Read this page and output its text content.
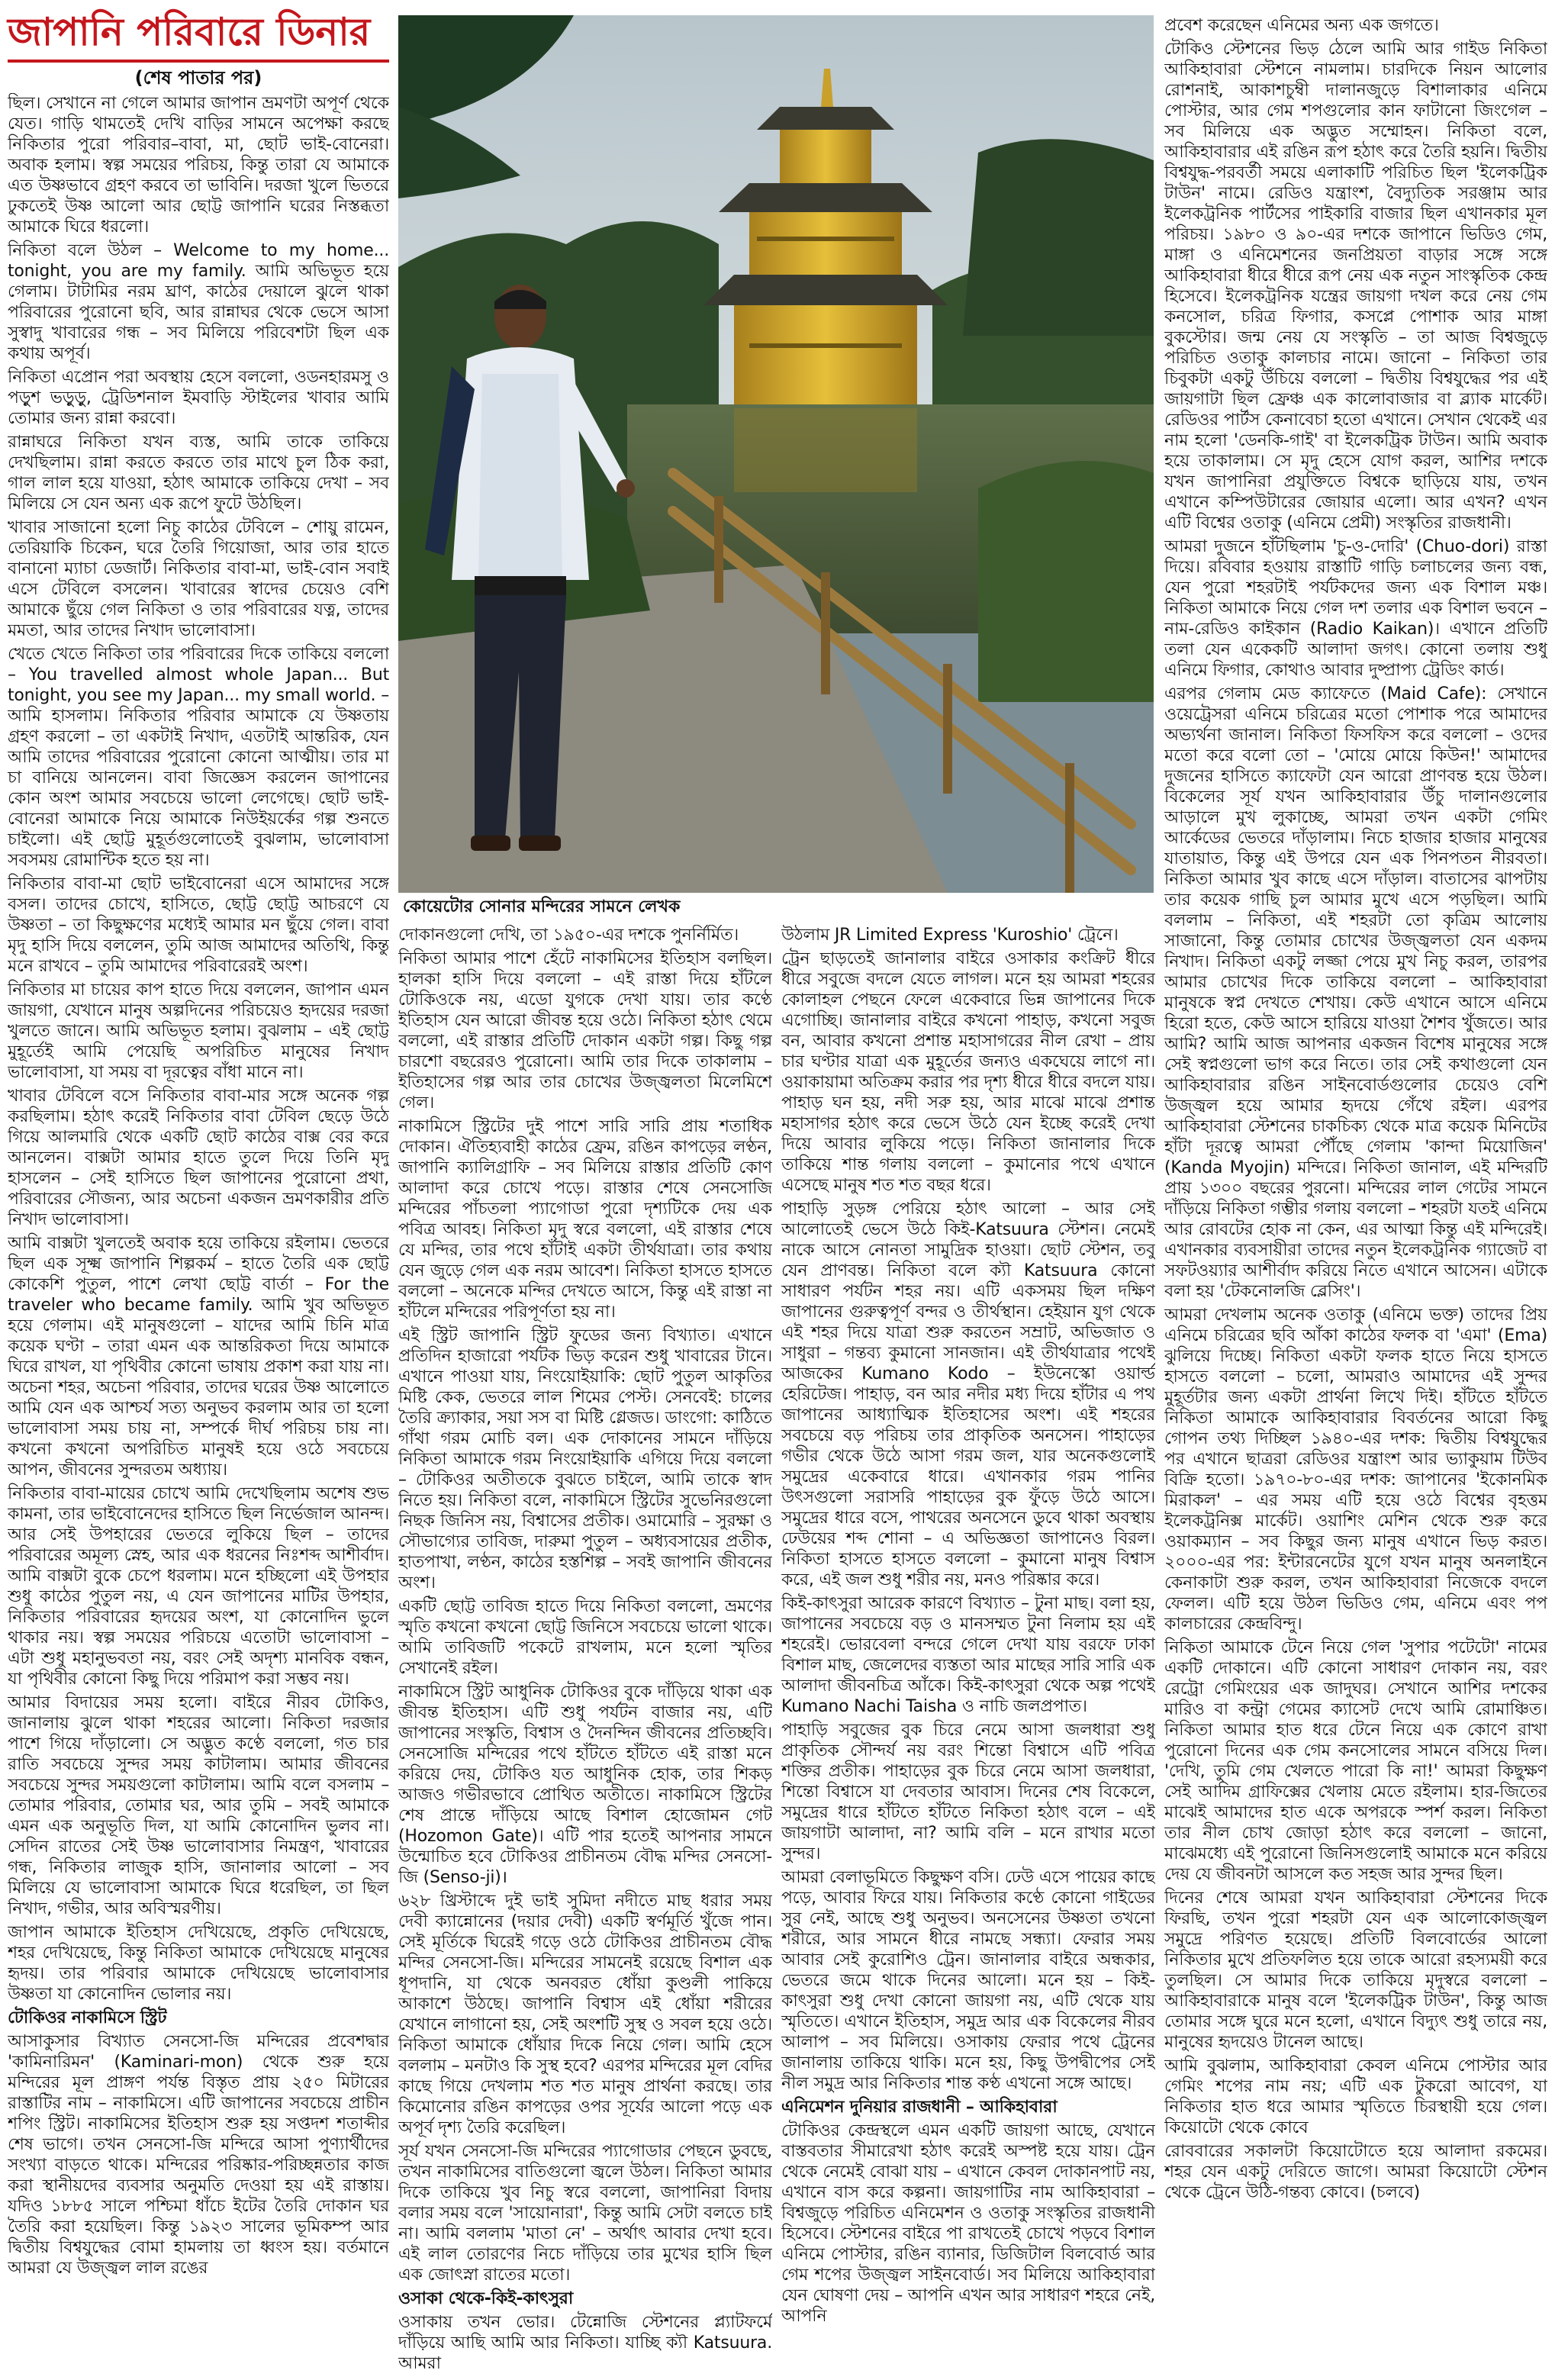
জাপানি পরিবারে ডিনার
(শেষ পাতার পর)

ছিল। সেখানে না গেলে আমার জাপান ভ্রমণটা অপূর্ণ থেকে যেত। গাড়ি থামতেই দেখি বাড়ির সামনে অপেক্ষা করছে নিকিতার পুরো পরিবার–বাবা, মা, ছোট ভাই-বোনেরা। অবাক হলাম। স্বল্প সময়ের পরিচয়, কিন্তু তারা যে আমাকে এত উষ্ণভাবে গ্রহণ করবে তা ভাবিনি। দরজা খুলে ভিতরে ঢুকতেই উষ্ণ আলো আর ছোট্ট জাপানি ঘরের নিস্তব্ধতা আমাকে ঘিরে ধরলো।

নিকিতা বলে উঠল – Welcome to my home... tonight, you are my family. আমি অভিভূত হয়ে গেলাম। টাটামির নরম ঘ্রাণ, কাঠের দেয়ালে ঝুলে থাকা পরিবারের পুরোনো ছবি, আর রান্নাঘর থেকে ভেসে আসা সুস্বাদু খাবারের গন্ধ – সব মিলিয়ে পরিবেশটা ছিল এক কথায় অপূর্ব।

নিকিতা এপ্রোন পরা অবস্থায় হেসে বললো, ওডনহারমসু ও পড়ুশ ভড়ুড়ু, ট্রেডিশনাল ইমবাড়ি স্টাইলের খাবার আমি তোমার জন্য রান্না করবো।

রান্নাঘরে নিকিতা যখন ব্যস্ত, আমি তাকে তাকিয়ে দেখছিলাম। রান্না করতে করতে তার মাথে চুল ঠিক করা, গাল লাল হয়ে যাওয়া, হঠাৎ আমাকে তাকিয়ে দেখা – সব মিলিয়ে সে যেন অন্য এক রূপে ফুটে উঠছিল।

খাবার সাজানো হলো নিচু কাঠের টেবিলে – শোয়ু রামেন, তেরিয়াকি চিকেন, ঘরে তৈরি গিয়োজা, আর তার হাতে বানানো ম্যাচা ডেজার্ট। নিকিতার বাবা-মা, ভাই-বোন সবাই এসে টেবিলে বসলেন। খাবারের স্বাদের চেয়েও বেশি আমাকে ছুঁয়ে গেল নিকিতা ও তার পরিবারের যত্ন, তাদের মমতা, আর তাদের নিখাদ ভালোবাসা।

খেতে খেতে নিকিতা তার পরিবারের দিকে তাকিয়ে বললো – You travelled almost whole Japan... But tonight, you see my Japan... my small world. – আমি হাসলাম। নিকিতার পরিবার আমাকে যে উষ্ণতায় গ্রহণ করলো – তা একটাই নিখাদ, এতটাই আন্তরিক, যেন আমি তাদের পরিবারের পুরোনো কোনো আত্মীয়। তার মা চা বানিয়ে আনলেন। বাবা জিজ্ঞেস করলেন জাপানের কোন অংশ আমার সবচেয়ে ভালো লেগেছে। ছোট ভাই-বোনেরা আমাকে নিয়ে আমাকে নিউইয়র্কের গল্প শুনতে চাইলো। এই ছোট্ট মুহূর্তগুলোতেই বুঝলাম, ভালোবাসা সবসময় রোমান্টিক হতে হয় না।

নিকিতার বাবা-মা ছোট ভাইবোনেরা এসে আমাদের সঙ্গে বসল। তাদের চোখে, হাসিতে, ছোট্ট ছোট্ট আচরণে যে উষ্ণতা – তা কিছুক্ষণের মধ্যেই আমার মন ছুঁয়ে গেল। বাবা মৃদু হাসি দিয়ে বললেন, তুমি আজ আমাদের অতিথি, কিন্তু মনে রাখবে – তুমি আমাদের পরিবারেরই অংশ।

নিকিতার মা চায়ের কাপ হাতে দিয়ে বললেন, জাপান এমন জায়গা, যেখানে মানুষ অল্পদিনের পরিচয়েও হৃদয়ের দরজা খুলতে জানে। আমি অভিভূত হলাম। বুঝলাম – এই ছোট্ট মুহূর্তেই আমি পেয়েছি অপরিচিত মানুষের নিখাদ ভালোবাসা, যা সময় বা দূরত্বের বাঁধা মানে না।

খাবার টেবিলে বসে নিকিতার বাবা-মার সঙ্গে অনেক গল্প করছিলাম। হঠাৎ করেই নিকিতার বাবা টেবিল ছেড়ে উঠে গিয়ে আলমারি থেকে একটি ছোট কাঠের বাক্স বের করে আনলেন। বাক্সটা আমার হাতে তুলে দিয়ে তিনি মৃদু হাসলেন – সেই হাসিতে ছিল জাপানের পুরোনো প্রথা, পরিবারের সৌজন্য, আর অচেনা একজন ভ্রমণকারীর প্রতি নিখাদ ভালোবাসা।

আমি বাক্সটা খুলতেই অবাক হয়ে তাকিয়ে রইলাম। ভেতরে ছিল এক সূক্ষ্ম জাপানি শিল্পকর্ম – হাতে তৈরি এক ছোট্ট কোকেশি পুতুল, পাশে লেখা ছোট্ট বার্তা – For the traveler who became family. আমি খুব অভিভূত হয়ে গেলাম। এই মানুষগুলো – যাদের আমি চিনি মাত্র কয়েক ঘণ্টা – তারা এমন এক আন্তরিকতা দিয়ে আমাকে ঘিরে রাখল, যা পৃথিবীর কোনো ভাষায় প্রকাশ করা যায় না। অচেনা শহর, অচেনা পরিবার, তাদের ঘরের উষ্ণ আলোতে আমি যেন এক আশ্চর্য সত্য অনুভব করলাম আর তা হলো ভালোবাসা সময় চায় না, সম্পর্কে দীর্ঘ পরিচয় চায় না। কখনো কখনো অপরিচিত মানুষই হয়ে ওঠে সবচেয়ে আপন, জীবনের সুন্দরতম অধ্যায়।

নিকিতার বাবা-মায়ের চোখে আমি দেখেছিলাম অশেষ শুভ কামনা, তার ভাইবোনেদের হাসিতে ছিল নির্ভেজাল আনন্দ। আর সেই উপহারের ভেতরে লুকিয়ে ছিল – তাদের পরিবারের অমূল্য স্নেহ, আর এক ধরনের নিঃশব্দ আশীর্বাদ। আমি বাক্সটা বুকে চেপে ধরলাম। মনে হচ্ছিলো এই উপহার শুধু কাঠের পুতুল নয়, এ যেন জাপানের মাটির উপহার, নিকিতার পরিবারের হৃদয়ের অংশ, যা কোনোদিন ভুলে থাকার নয়। স্বল্প সময়ের পরিচয়ে এতোটা ভালোবাসা – এটা শুধু মহানুভবতা নয়, বরং সেই অদৃশ্য মানবিক বন্ধন, যা পৃথিবীর কোনো কিছু দিয়ে পরিমাপ করা সম্ভব নয়।

আমার বিদায়ের সময় হলো। বাইরে নীরব টোকিও, জানালায় ঝুলে থাকা শহরের আলো। নিকিতা দরজার পাশে গিয়ে দাঁড়ালো। সে অদ্ভুত কণ্ঠে বললো, গত চার রাতি সবচেয়ে সুন্দর সময় কাটালাম। আমার জীবনের সবচেয়ে সুন্দর সময়গুলো কাটালাম। আমি বলে বসলাম – তোমার পরিবার, তোমার ঘর, আর তুমি – সবই আমাকে এমন এক অনুভূতি দিল, যা আমি কোনোদিন ভুলব না। সেদিন রাতের সেই উষ্ণ ভালোবাসার নিমন্ত্রণ, খাবারের গন্ধ, নিকিতার লাজুক হাসি, জানালার আলো – সব মিলিয়ে যে ভালোবাসা আমাকে ঘিরে ধরেছিল, তা ছিল নিখাদ, গভীর, আর অবিস্মরণীয়।

জাপান আমাকে ইতিহাস দেখিয়েছে, প্রকৃতি দেখিয়েছে, শহর দেখিয়েছে, কিন্তু নিকিতা আমাকে দেখিয়েছে মানুষের হৃদয়। তার পরিবার আমাকে দেখিয়েছে ভালোবাসার উষ্ণতা যা কোনোদিন ভোলার নয়।

টোকিওর নাকামিসে স্ট্রিট

আসাকুসার বিখ্যাত সেনসো-জি মন্দিরের প্রবেশদ্বার 'কামিনারিমন' (Kaminari-mon) থেকে শুরু হয়ে মন্দিরের মূল প্রাঙ্গণ পর্যন্ত বিস্তৃত প্রায় ২৫০ মিটারের রাস্তাটির নাম – নাকামিসে। এটি জাপানের সবচেয়ে প্রাচীন শপিং স্ট্রিট। নাকামিসের ইতিহাস শুরু হয় সপ্তদশ শতাব্দীর শেষ ভাগে। তখন সেনসো-জি মন্দিরে আসা পুণ্যার্থীদের সংখ্যা বাড়তে থাকে। মন্দিরের পরিষ্কার-পরিচ্ছন্নতার কাজ করা স্থানীয়দের ব্যবসার অনুমতি দেওয়া হয় এই রাস্তায়। যদিও ১৮৮৫ সালে পশ্চিমা ধাঁচে ইটের তৈরি দোকান ঘর তৈরি করা হয়েছিল। কিন্তু ১৯২৩ সালের ভূমিকম্প আর দ্বিতীয় বিশ্বযুদ্ধের বোমা হামলায় তা ধ্বংস হয়। বর্তমানে আমরা যে উজ্জ্বল লাল রঙের

কোয়েটোর সোনার মন্দিরের সামনে লেখক

দোকানগুলো দেখি, তা ১৯৫০-এর দশকে পুনর্নির্মিত।

নিকিতা আমার পাশে হেঁটে নাকামিসের ইতিহাস বলছিল। হালকা হাসি দিয়ে বললো – এই রাস্তা দিয়ে হাঁটলে টোকিওকে নয়, এডো যুগকে দেখা যায়। তার কণ্ঠে ইতিহাস যেন আরো জীবন্ত হয়ে ওঠে। নিকিতা হঠাৎ থেমে বললো, এই রাস্তার প্রতিটি দোকান একটা গল্প। কিছু গল্প চারশো বছরেরও পুরোনো। আমি তার দিকে তাকালাম – ইতিহাসের গল্প আর তার চোখের উজ্জ্বলতা মিলেমিশে গেল।

নাকামিসে স্ট্রিটের দুই পাশে সারি সারি প্রায় শতাধিক দোকান। ঐতিহ্যবাহী কাঠের ফ্রেম, রঙিন কাপড়ের লণ্ঠন, জাপানি ক্যালিগ্রাফি – সব মিলিয়ে রাস্তার প্রতিটি কোণ আলাদা করে চোখে পড়ে। রাস্তার শেষে সেনসোজি মন্দিরের পাঁচতলা প্যাগোডা পুরো দৃশ্যটিকে দেয় এক পবিত্র আবহ। নিকিতা মৃদু স্বরে বললো, এই রাস্তার শেষে যে মন্দির, তার পথে হাঁটাই একটা তীর্থযাত্রা। তার কথায় যেন জুড়ে গেল এক নরম আবেশ। নিকিতা হাসতে হাসতে বললো – অনেকে মন্দির দেখতে আসে, কিন্তু এই রাস্তা না হাঁটলে মন্দিরের পরিপূর্ণতা হয় না।

এই স্ট্রিট জাপানি স্ট্রিট ফুডের জন্য বিখ্যাত। এখানে প্রতিদিন হাজারো পর্যটক ভিড় করেন শুধু খাবারের টানে। এখানে পাওয়া যায়, নিংয়োইয়াকি: ছোট পুতুল আকৃতির মিষ্টি কেক, ভেতরে লাল শিমের পেস্ট। সেনবেই: চালের তৈরি ক্র্যাকার, সয়া সস বা মিষ্টি গ্লেজড। ডাংগো: কাঠিতে গাঁথা গরম মোচি বল। এক দোকানের সামনে দাঁড়িয়ে নিকিতা আমাকে গরম নিংয়োইয়াকি এগিয়ে দিয়ে বললো – টোকিওর অতীতকে বুঝতে চাইলে, আমি তাকে স্বাদ নিতে হয়। নিকিতা বলে, নাকামিসে স্ট্রিটের সুভেনিরগুলো নিছক জিনিস নয়, বিশ্বাসের প্রতীক। ওমামোরি – সুরক্ষা ও সৌভাগ্যের তাবিজ, দারুমা পুতুল – অধ্যবসায়ের প্রতীক, হাতপাখা, লণ্ঠন, কাঠের হস্তশিল্প – সবই জাপানি জীবনের অংশ।

একটি ছোট্ট তাবিজ হাতে দিয়ে নিকিতা বললো, ভ্রমণের স্মৃতি কখনো কখনো ছোট্ট জিনিসে সবচেয়ে ভালো থাকে। আমি তাবিজটি পকেটে রাখলাম, মনে হলো স্মৃতির সেখানেই রইল।

নাকামিসে স্ট্রিট আধুনিক টোকিওর বুকে দাঁড়িয়ে থাকা এক জীবন্ত ইতিহাস। এটি শুধু পর্যটন বাজার নয়, এটি জাপানের সংস্কৃতি, বিশ্বাস ও দৈনন্দিন জীবনের প্রতিচ্ছবি। সেনসোজি মন্দিরের পথে হাঁটতে হাঁটতে এই রাস্তা মনে করিয়ে দেয়, টোকিও যত আধুনিক হোক, তার শিকড় আজও গভীরভাবে প্রোথিত অতীতে। নাকামিসে স্ট্রিটের শেষ প্রান্তে দাঁড়িয়ে আছে বিশাল হোজোমন গেট (Hozomon Gate)। এটি পার হতেই আপনার সামনে উন্মোচিত হবে টোকিওর প্রাচীনতম বৌদ্ধ মন্দির সেনসো-জি (Senso-ji)।

৬২৮ খ্রিস্টাব্দে দুই ভাই সুমিদা নদীতে মাছ ধরার সময় দেবী ক্যান্নোনের (দয়ার দেবী) একটি স্বর্ণমূর্তি খুঁজে পান। সেই মূর্তিকে ঘিরেই গড়ে ওঠে টোকিওর প্রাচীনতম বৌদ্ধ মন্দির সেনসো-জি। মন্দিরের সামনেই রয়েছে বিশাল এক ধূপদানি, যা থেকে অনবরত ধোঁয়া কুণ্ডলী পাকিয়ে আকাশে উঠছে। জাপানি বিশ্বাস এই ধোঁয়া শরীরের যেখানে লাগানো হয়, সেই অংশটি সুস্থ ও সবল হয়ে ওঠে। নিকিতা আমাকে ধোঁয়ার দিকে নিয়ে গেল। আমি হেসে বললাম – মনটাও কি সুস্থ হবে? এরপর মন্দিরের মূল বেদির কাছে গিয়ে দেখলাম শত শত মানুষ প্রার্থনা করছে। তার কিমোনোর রঙিন কাপড়ের ওপর সূর্যের আলো পড়ে এক অপূর্ব দৃশ্য তৈরি করেছিল।

সূর্য যখন সেনসো-জি মন্দিরের প্যাগোডার পেছনে ডুবছে, তখন নাকামিসের বাতিগুলো জ্বলে উঠল। নিকিতা আমার দিকে তাকিয়ে খুব নিচু স্বরে বললো, জাপানিরা বিদায় বলার সময় বলে 'সায়োনারা', কিন্তু আমি সেটা বলতে চাই না। আমি বললাম 'মাতা নে' – অর্থাৎ আবার দেখা হবে। এই লাল তোরণের নিচে দাঁড়িয়ে তার মুখের হাসি ছিল এক জোৎস্না রাতের মতো।

ওসাকা থেকে-কিই-কাৎসুরা

ওসাকায় তখন ভোর। টেন্নোজি স্টেশনের প্ল্যাটফর্মে দাঁড়িয়ে আছি আমি আর নিকিতা। যাচ্ছি ক্যৗ Katsuura. আমরা

উঠলাম JR Limited Express 'Kuroshio' ট্রেনে।

ট্রেন ছাড়তেই জানালার বাইরে ওসাকার কংক্রিট ধীরে ধীরে সবুজে বদলে যেতে লাগল। মনে হয় আমরা শহরের কোলাহল পেছনে ফেলে একেবারে ভিন্ন জাপানের দিকে এগোচ্ছি। জানালার বাইরে কখনো পাহাড়, কখনো সবুজ বন, আবার কখনো প্রশান্ত মহাসাগরের নীল রেখা – প্রায় চার ঘণ্টার যাত্রা এক মুহূর্তের জন্যও একঘেয়ে লাগে না। ওয়াকায়ামা অতিক্রম করার পর দৃশ্য ধীরে ধীরে বদলে যায়। পাহাড় ঘন হয়, নদী সরু হয়, আর মাঝে মাঝে প্রশান্ত মহাসাগর হঠাৎ করে ভেসে উঠে যেন ইচ্ছে করেই দেখা দিয়ে আবার লুকিয়ে পড়ে। নিকিতা জানালার দিকে তাকিয়ে শান্ত গলায় বললো – কুমানোর পথে এখানে এসেছে মানুষ শত শত বছর ধরে।

পাহাড়ি সুড়ঙ্গ পেরিয়ে হঠাৎ আলো – আর সেই আলোতেই ভেসে উঠে কিই-Katsuura স্টেশন। নেমেই নাকে আসে নোনতা সামুদ্রিক হাওয়া। ছোট স্টেশন, তবু যেন প্রাণবন্ত। নিকিতা বলে ক্যৗ Katsuura কোনো সাধারণ পর্যটন শহর নয়। এটি একসময় ছিল দক্ষিণ জাপানের গুরুত্বপূর্ণ বন্দর ও তীর্থস্থান। হেইয়ান যুগ থেকে এই শহর দিয়ে যাত্রা শুরু করতেন সম্রাট, অভিজাত ও সাধুরা – গন্তব্য কুমানো সানজান। এই তীর্থযাত্রার পথেই আজকের Kumano Kodo – ইউনেস্কো ওয়ার্ল্ড হেরিটেজ। পাহাড়, বন আর নদীর মধ্য দিয়ে হাঁটার এ পথ জাপানের আধ্যাত্মিক ইতিহাসের অংশ। এই শহরের সবচেয়ে বড় পরিচয় তার প্রাকৃতিক অনসেন। পাহাড়ের গভীর থেকে উঠে আসা গরম জল, যার অনেকগুলোই সমুদ্রের একেবারে ধারে। এখানকার গরম পানির উৎসগুলো সরাসরি পাহাড়ের বুক ফুঁড়ে উঠে আসে। সমুদ্রের ধারে বসে, পাথরের অনসেনে ডুবে থাকা অবস্থায় ঢেউয়ের শব্দ শোনা – এ অভিজ্ঞতা জাপানেও বিরল। নিকিতা হাসতে হাসতে বললো – কুমানো মানুষ বিশ্বাস করে, এই জল শুধু শরীর নয়, মনও পরিষ্কার করে।

কিই-কাৎসুরা আরেক কারণে বিখ্যাত – টুনা মাছ। বলা হয়, জাপানের সবচেয়ে বড় ও মানসম্মত টুনা নিলাম হয় এই শহরেই। ভোরবেলা বন্দরে গেলে দেখা যায় বরফে ঢাকা বিশাল মাছ, জেলেদের ব্যস্ততা আর মাছের সারি সারি এক আলাদা জীবনচিত্র আঁকে। কিই-কাৎসুরা থেকে অল্প পথেই Kumano Nachi Taisha ও নাচি জলপ্রপাত।

পাহাড়ি সবুজের বুক চিরে নেমে আসা জলধারা শুধু প্রাকৃতিক সৌন্দর্য নয় বরং শিন্তো বিশ্বাসে এটি পবিত্র শক্তির প্রতীক। পাহাড়ের বুক চিরে নেমে আসা জলধারা, শিন্তো বিশ্বাসে যা দেবতার আবাস। দিনের শেষ বিকেলে, সমুদ্রের ধারে হাঁটতে হাঁটতে নিকিতা হঠাৎ বলে – এই জায়গাটা আলাদা, না? আমি বলি – মনে রাখার মতো সুন্দর।

আমরা বেলাভূমিতে কিছুক্ষণ বসি। ঢেউ এসে পায়ের কাছে পড়ে, আবার ফিরে যায়। নিকিতার কণ্ঠে কোনো গাইডের সুর নেই, আছে শুধু অনুভব। অনসেনের উষ্ণতা তখনো শরীরে, আর সামনে ধীরে নামছে সন্ধ্যা। ফেরার সময় আবার সেই কুরোশিও ট্রেন। জানালার বাইরে অন্ধকার, ভেতরে জমে থাকে দিনের আলো। মনে হয় – কিই-কাৎসুরা শুধু দেখা কোনো জায়গা নয়, এটি থেকে যায় স্মৃতিতে। এখানে ইতিহাস, সমুদ্র আর এক বিকেলের নীরব আলাপ – সব মিলিয়ে। ওসাকায় ফেরার পথে ট্রেনের জানালায় তাকিয়ে থাকি। মনে হয়, কিছু উপদ্বীপের সেই নীল সমুদ্র আর নিকিতার শান্ত কণ্ঠ এখনো সঙ্গে আছে।

এনিমেশন দুনিয়ার রাজধানী – আকিহাবারা

টোকিওর কেন্দ্রস্থলে এমন একটি জায়গা আছে, যেখানে বাস্তবতার সীমারেখা হঠাৎ করেই অস্পষ্ট হয়ে যায়। ট্রেন থেকে নেমেই বোঝা যায় – এখানে কেবল দোকানপাট নয়, এখানে বাস করে কল্পনা। জায়গাটির নাম আকিহাবারা – বিশ্বজুড়ে পরিচিত এনিমেশন ও ওতাকু সংস্কৃতির রাজধানী হিসেবে। স্টেশনের বাইরে পা রাখতেই চোখে পড়বে বিশাল এনিমে পোস্টার, রঙিন ব্যানার, ডিজিটাল বিলবোর্ড আর গেম শপের উজ্জ্বল সাইনবোর্ড। সব মিলিয়ে আকিহাবারা যেন ঘোষণা দেয় – আপনি এখন আর সাধারণ শহরে নেই, আপনি

প্রবেশ করেছেন এনিমের অন্য এক জগতে।

টোকিও স্টেশনের ভিড় ঠেলে আমি আর গাইড নিকিতা আকিহাবারা স্টেশনে নামলাম। চারদিকে নিয়ন আলোর রোশনাই, আকাশচুম্বী দালানজুড়ে বিশালাকার এনিমে পোস্টার, আর গেম শপগুলোর কান ফাটানো জিংগেল – সব মিলিয়ে এক অদ্ভুত সম্মোহন। নিকিতা বলে, আকিহাবারার এই রঙিন রূপ হঠাৎ করে তৈরি হয়নি। দ্বিতীয় বিশ্বযুদ্ধ-পরবর্তী সময়ে এলাকাটি পরিচিত ছিল 'ইলেকট্রিক টাউন' নামে। রেডিও যন্ত্রাংশ, বৈদ্যুতিক সরঞ্জাম আর ইলেকট্রনিক পার্টসের পাইকারি বাজার ছিল এখানকার মূল পরিচয়। ১৯৮০ ও ৯০-এর দশকে জাপানে ভিডিও গেম, মাঙ্গা ও এনিমেশনের জনপ্রিয়তা বাড়ার সঙ্গে সঙ্গে আকিহাবারা ধীরে ধীরে রূপ নেয় এক নতুন সাংস্কৃতিক কেন্দ্র হিসেবে। ইলেকট্রনিক যন্ত্রের জায়গা দখল করে নেয় গেম কনসোল, চরিত্র ফিগার, কসপ্লে পোশাক আর মাঙ্গা বুকস্টোর। জন্ম নেয় যে সংস্কৃতি – তা আজ বিশ্বজুড়ে পরিচিত ওতাকু কালচার নামে। জানো – নিকিতা তার চিবুকটা একটু উঁচিয়ে বললো – দ্বিতীয় বিশ্বযুদ্ধের পর এই জায়গাটা ছিল ফ্রেঞ্চ এক কালোবাজার বা ব্ল্যাক মার্কেট। রেডিওর পার্টস কেনাবেচা হতো এখানে। সেখান থেকেই এর নাম হলো 'ডেনকি-গাই' বা ইলেকট্রিক টাউন। আমি অবাক হয়ে তাকালাম। সে মৃদু হেসে যোগ করল, আশির দশকে যখন জাপানিরা প্রযুক্তিতে বিশ্বকে ছাড়িয়ে যায়, তখন এখানে কম্পিউটারের জোয়ার এলো। আর এখন? এখন এটি বিশ্বের ওতাকু (এনিমে প্রেমী) সংস্কৃতির রাজধানী।

আমরা দুজনে হাঁটছিলাম 'চু-ও-দোরি' (Chuo-dori) রাস্তা দিয়ে। রবিবার হওয়ায় রাস্তাটি গাড়ি চলাচলের জন্য বন্ধ, যেন পুরো শহরটাই পর্যটকদের জন্য এক বিশাল মঞ্চ। নিকিতা আমাকে নিয়ে গেল দশ তলার এক বিশাল ভবনে – নাম-রেডিও কাইকান (Radio Kaikan)। এখানে প্রতিটি তলা যেন একেকটি আলাদা জগৎ। কোনো তলায় শুধু এনিমে ফিগার, কোথাও আবার দুষ্প্রাপ্য ট্রেডিং কার্ড।

এরপর গেলাম মেড ক্যাফেতে (Maid Cafe): সেখানে ওয়েট্রেসরা এনিমে চরিত্রের মতো পোশাক পরে আমাদের অভ্যর্থনা জানাল। নিকিতা ফিসফিস করে বললো – ওদের মতো করে বলো তো – 'মোয়ে মোয়ে কিউন!' আমাদের দুজনের হাসিতে ক্যাফেটা যেন আরো প্রাণবন্ত হয়ে উঠল। বিকেলের সূর্য যখন আকিহাবারার উঁচু দালানগুলোর আড়ালে মুখ লুকাচ্ছে, আমরা তখন একটা গেমিং আর্কেডের ভেতরে দাঁড়ালাম। নিচে হাজার হাজার মানুষের যাতায়াত, কিন্তু এই উপরে যেন এক পিনপতন নীরবতা। নিকিতা আমার খুব কাছে এসে দাঁড়াল। বাতাসের ঝাপটায় তার কয়েক গাছি চুল আমার মুখে এসে পড়ছিল। আমি বললাম – নিকিতা, এই শহরটা তো কৃত্রিম আলোয় সাজানো, কিন্তু তোমার চোখের উজ্জ্বলতা যেন একদম নিখাদ। নিকিতা একটু লজ্জা পেয়ে মুখ নিচু করল, তারপর আমার চোখের দিকে তাকিয়ে বললো – আকিহাবারা মানুষকে স্বপ্ন দেখতে শেখায়। কেউ এখানে আসে এনিমে হিরো হতে, কেউ আসে হারিয়ে যাওয়া শৈশব খুঁজতে। আর আমি? আমি আজ আপনার একজন বিশেষ মানুষের সঙ্গে সেই স্বপ্নগুলো ভাগ করে নিতে। তার সেই কথাগুলো যেন আকিহাবারার রঙিন সাইনবোর্ডগুলোর চেয়েও বেশি উজ্জ্বল হয়ে আমার হৃদয়ে গেঁথে রইল। এরপর আকিহাবারা স্টেশনের চাকচিক্য থেকে মাত্র কয়েক মিনিটের হাঁটা দূরত্বে আমরা পৌঁছে গেলাম 'কান্দা মিয়োজিন' (Kanda Myojin) মন্দিরে। নিকিতা জানাল, এই মন্দিরটি প্রায় ১৩০০ বছরের পুরনো। মন্দিরের লাল গেটের সামনে দাঁড়িয়ে নিকিতা গম্ভীর গলায় বললো – শহরটা যতই এনিমে আর রোবটের হোক না কেন, এর আত্মা কিন্তু এই মন্দিরেই। এখানকার ব্যবসায়ীরা তাদের নতুন ইলেকট্রনিক গ্যাজেট বা সফটওয়্যার আশীর্বাদ করিয়ে নিতে এখানে আসেন। এটাকে বলা হয় 'টেকনোলজি ব্লেসিং'।

আমরা দেখলাম অনেক ওতাকু (এনিমে ভক্ত) তাদের প্রিয় এনিমে চরিত্রের ছবি আঁকা কাঠের ফলক বা 'এমা' (Ema) ঝুলিয়ে দিচ্ছে। নিকিতা একটা ফলক হাতে নিয়ে হাসতে হাসতে বললো – চলো, আমরাও আমাদের এই সুন্দর মুহূর্তটার জন্য একটা প্রার্থনা লিখে দিই। হাঁটতে হাঁটতে নিকিতা আমাকে আকিহাবারার বিবর্তনের আরো কিছু গোপন তথ্য দিচ্ছিল ১৯৪০-এর দশক: দ্বিতীয় বিশ্বযুদ্ধের পর এখানে ছাত্ররা রেডিওর যন্ত্রাংশ আর ভ্যাকুয়াম টিউব বিক্রি হতো। ১৯৭০-৮০-এর দশক: জাপানের 'ইকোনমিক মিরাকল' – এর সময় এটি হয়ে ওঠে বিশ্বের বৃহত্তম ইলেকট্রনিক্স মার্কেট। ওয়াশিং মেশিন থেকে শুরু করে ওয়াকম্যান – সব কিছুর জন্য মানুষ এখানে ভিড় করত। ২০০০-এর পর: ইন্টারনেটের যুগে যখন মানুষ অনলাইনে কেনাকাটা শুরু করল, তখন আকিহাবারা নিজেকে বদলে ফেলল। এটি হয়ে উঠল ভিডিও গেম, এনিমে এবং পপ কালচারের কেন্দ্রবিন্দু।

নিকিতা আমাকে টেনে নিয়ে গেল 'সুপার পটেটো' নামের একটি দোকানে। এটি কোনো সাধারণ দোকান নয়, বরং রেট্রো গেমিংয়ের এক জাদুঘর। সেখানে আশির দশকের মারিও বা কন্ট্রা গেমের ক্যাসেট দেখে আমি রোমাঞ্চিত। নিকিতা আমার হাত ধরে টেনে নিয়ে এক কোণে রাখা পুরোনো দিনের এক গেম কনসোলের সামনে বসিয়ে দিল। 'দেখি, তুমি গেম খেলতে পারো কি না!' আমরা কিছুক্ষণ সেই আদিম গ্রাফিক্সের খেলায় মেতে রইলাম। হার-জিতের মাঝেই আমাদের হাত একে অপরকে স্পর্শ করল। নিকিতা তার নীল চোখ জোড়া হঠাৎ করে বললো – জানো, মাঝেমধ্যে এই পুরোনো জিনিসগুলোই আমাকে মনে করিয়ে দেয় যে জীবনটা আসলে কত সহজ আর সুন্দর ছিল।

দিনের শেষে আমরা যখন আকিহাবারা স্টেশনের দিকে ফিরছি, তখন পুরো শহরটা যেন এক আলোকোজ্জ্বল সমুদ্রে পরিণত হয়েছে। প্রতিটি বিলবোর্ডের আলো নিকিতার মুখে প্রতিফলিত হয়ে তাকে আরো রহস্যময়ী করে তুলছিল। সে আমার দিকে তাকিয়ে মৃদুস্বরে বললো – আকিহাবারাকে মানুষ বলে 'ইলেকট্রিক টাউন', কিন্তু আজ তোমার সঙ্গে ঘুরে মনে হলো, এখানে বিদ্যুৎ শুধু তারে নয়, মানুষের হৃদয়েও টানেল আছে।

আমি বুঝলাম, আকিহাবারা কেবল এনিমে পোস্টার আর গেমিং শপের নাম নয়; এটি এক টুকরো আবেগ, যা নিকিতার হাত ধরে আমার স্মৃতিতে চিরস্থায়ী হয়ে গেল। কিয়োটো থেকে কোবে

রোববারের সকালটা কিয়োটোতে হয়ে আলাদা রকমের। শহর যেন একটু দেরিতে জাগে। আমরা কিয়োটো স্টেশন থেকে ট্রেনে উঠি-গন্তব্য কোবে। (চলবে)
